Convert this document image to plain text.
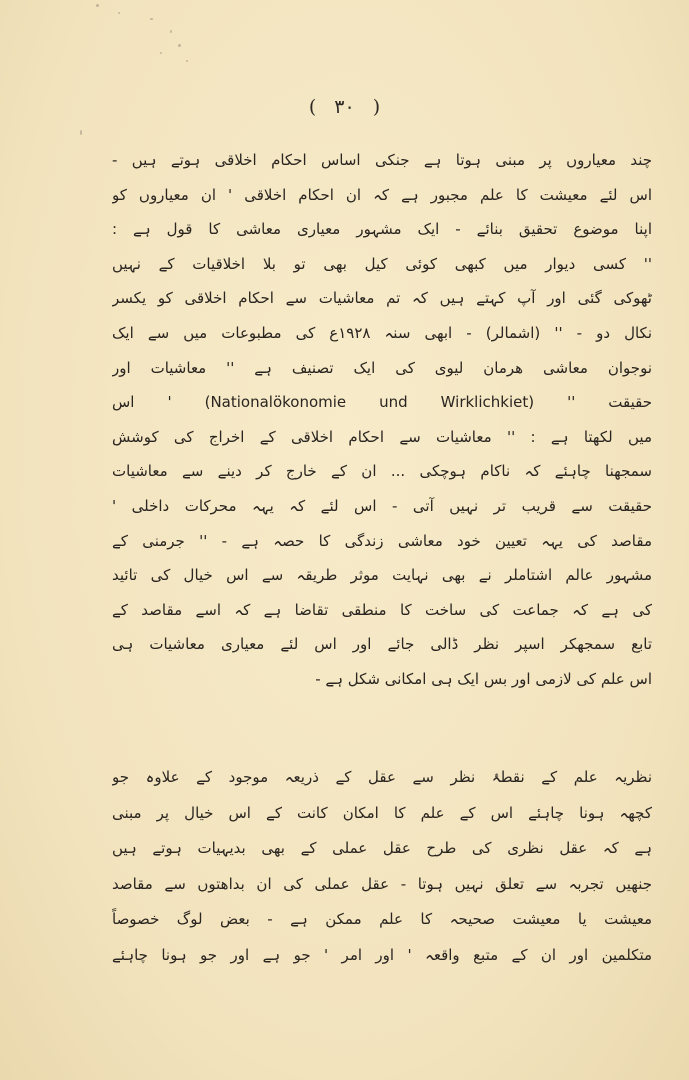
( ۳۰ )
چند معیاروں پر مبنی ہوتا ہے جنکی اساس احکام اخلاقی ہوتے ہیں -
اس لئے معیشت کا علم مجبور ہے کہ ان احکام اخلاقی ' ان معیاروں کو
اپنا موضوع تحقیق بنائے - ایک مشہور معیاری معاشی کا قول ہے :
'' کسی دیوار میں کبھی کوئی کیل بھی تو بلا اخلاقیات کے نہیں
ٹھوکی گئی اور آپ کہتے ہیں کہ تم معاشیات سے احکام اخلاقی کو یکسر
نکال دو - '' (اشمالر) - ابھی سنہ ۱۹۲۸ع کی مطبوعات میں سے ایک
نوجوان معاشی هرمان لیوی کی ایک تصنیف ہے '' معاشیات اور
حقیقت '' (Nationalökonomie und Wirklichkiet) ' اس
میں لکھتا ہے : '' معاشیات سے احکام اخلاقی کے اخراج کی کوشش
سمجھنا چاہئے کہ ناکام ہوچکی ... ان کے خارج کر دینے سے معاشیات
حقیقت سے قریب تر نہیں آتی - اس لئے کہ یہہ محرکات داخلی '
مقاصد کی یہہ تعیین خود معاشی زندگی کا حصہ ہے - '' جرمنی کے
مشہور عالم اشتاملر نے بھی نہایت موثر طریقہ سے اس خیال کی تائید
کی ہے کہ جماعت کی ساخت کا منطقی تقاضا ہے کہ اسے مقاصد کے
تابع سمجھکر اسپر نظر ڈالی جائے اور اس لئے معیاری معاشیات ہی
اس علم کی لازمی اور بس ایک ہی امکانی شکل ہے -
نظریہ علم کے نقطۂ نظر سے عقل کے ذریعہ موجود کے علاوہ جو
کچھہ ہونا چاہئے اس کے علم کا امکان کانت کے اس خیال پر مبنی
ہے کہ عقل نظری کی طرح عقل عملی کے بھی بدیہیات ہوتے ہیں
جنھیں تجربہ سے تعلق نہیں ہوتا - عقل عملی کی ان بداهتوں سے مقاصد
معیشت یا معیشت صحیحہ کا علم ممکن ہے - بعض لوگ خصوصاً
متکلمین اور ان کے متبع واقعہ ' اور امر ' جو ہے اور جو ہونا چاہئے
